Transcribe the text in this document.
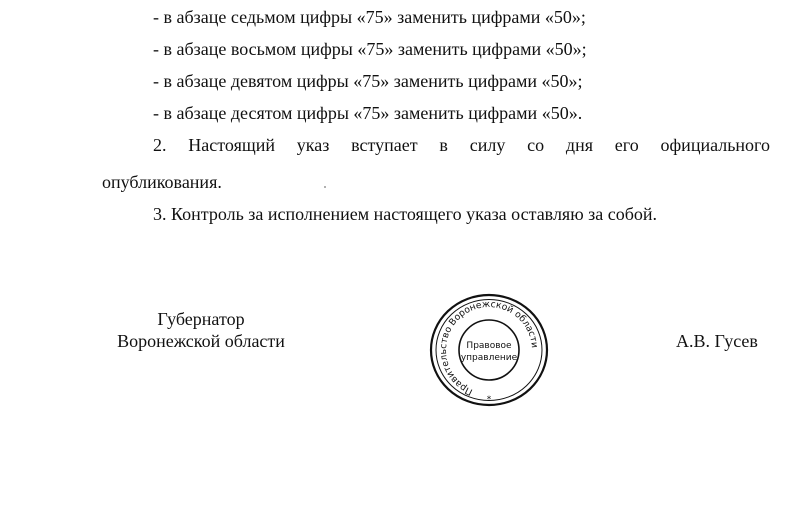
- в абзаце седьмом цифры «75» заменить цифрами «50»;
- в абзаце восьмом цифры «75» заменить цифрами «50»;
- в абзаце девятом цифры «75» заменить цифрами «50»;
- в абзаце десятом цифры «75» заменить цифрами «50».
2. Настоящий указ вступает в силу со дня его официального
опубликования.
3. Контроль за исполнением настоящего указа оставляю за собой.
Губернатор
Воронежской области	А.В. Гусев
Правительство Воронежской области
Правовое
управление
*
